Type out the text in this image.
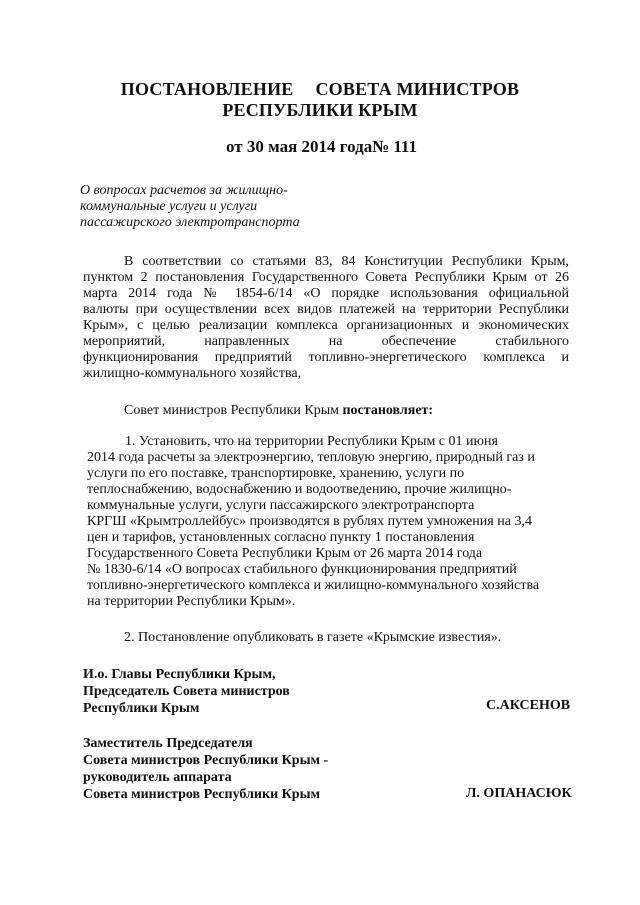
ПОСТАНОВЛЕНИЕ СОВЕТА МИНИСТРОВ
РЕСПУБЛИКИ КРЫМ
от 30 мая 2014 года № 111
О вопросах расчетов за жилищно-
коммунальные услуги и услуги
пассажирского электротранспорта
В соответствии со статьями 83, 84 Конституции Республики Крым,
пунктом 2 постановления Государственного Совета Республики Крым от 26
марта 2014 года № 1854-6/14 «О порядке использования официальной
валюты при осуществлении всех видов платежей на территории Республики
Крым», с целью реализации комплекса организационных и экономических
мероприятий, направленных на обеспечение стабильного
функционирования предприятий топливно-энергетического комплекса и
жилищно-коммунального хозяйства,
Совет министров Республики Крым постановляет:
1. Установить, что на территории Республики Крым с 01 июня
2014 года расчеты за электроэнергию, тепловую энергию, природный газ и
услуги по его поставке, транспортировке, хранению, услуги по
теплоснабжению, водоснабжению и водоотведению, прочие жилищно-
коммунальные услуги, услуги пассажирского электротранспорта
КРГШ «Крымтроллейбус» производятся в рублях путем умножения на 3,4
цен и тарифов, установленных согласно пункту 1 постановления
Государственного Совета Республики Крым от 26 марта 2014 года
№ 1830-6/14 «О вопросах стабильного функционирования предприятий
топливно-энергетического комплекса и жилищно-коммунального хозяйства
на территории Республики Крым».
2. Постановление опубликовать в газете «Крымские известия».
И.о. Главы Республики Крым,
Председатель Совета министров
Республики Крым	С.АКСЕНОВ
Заместитель Председателя
Совета министров Республики Крым -
руководитель аппарата
Совета министров Республики Крым	Л. ОПАНАСЮК
